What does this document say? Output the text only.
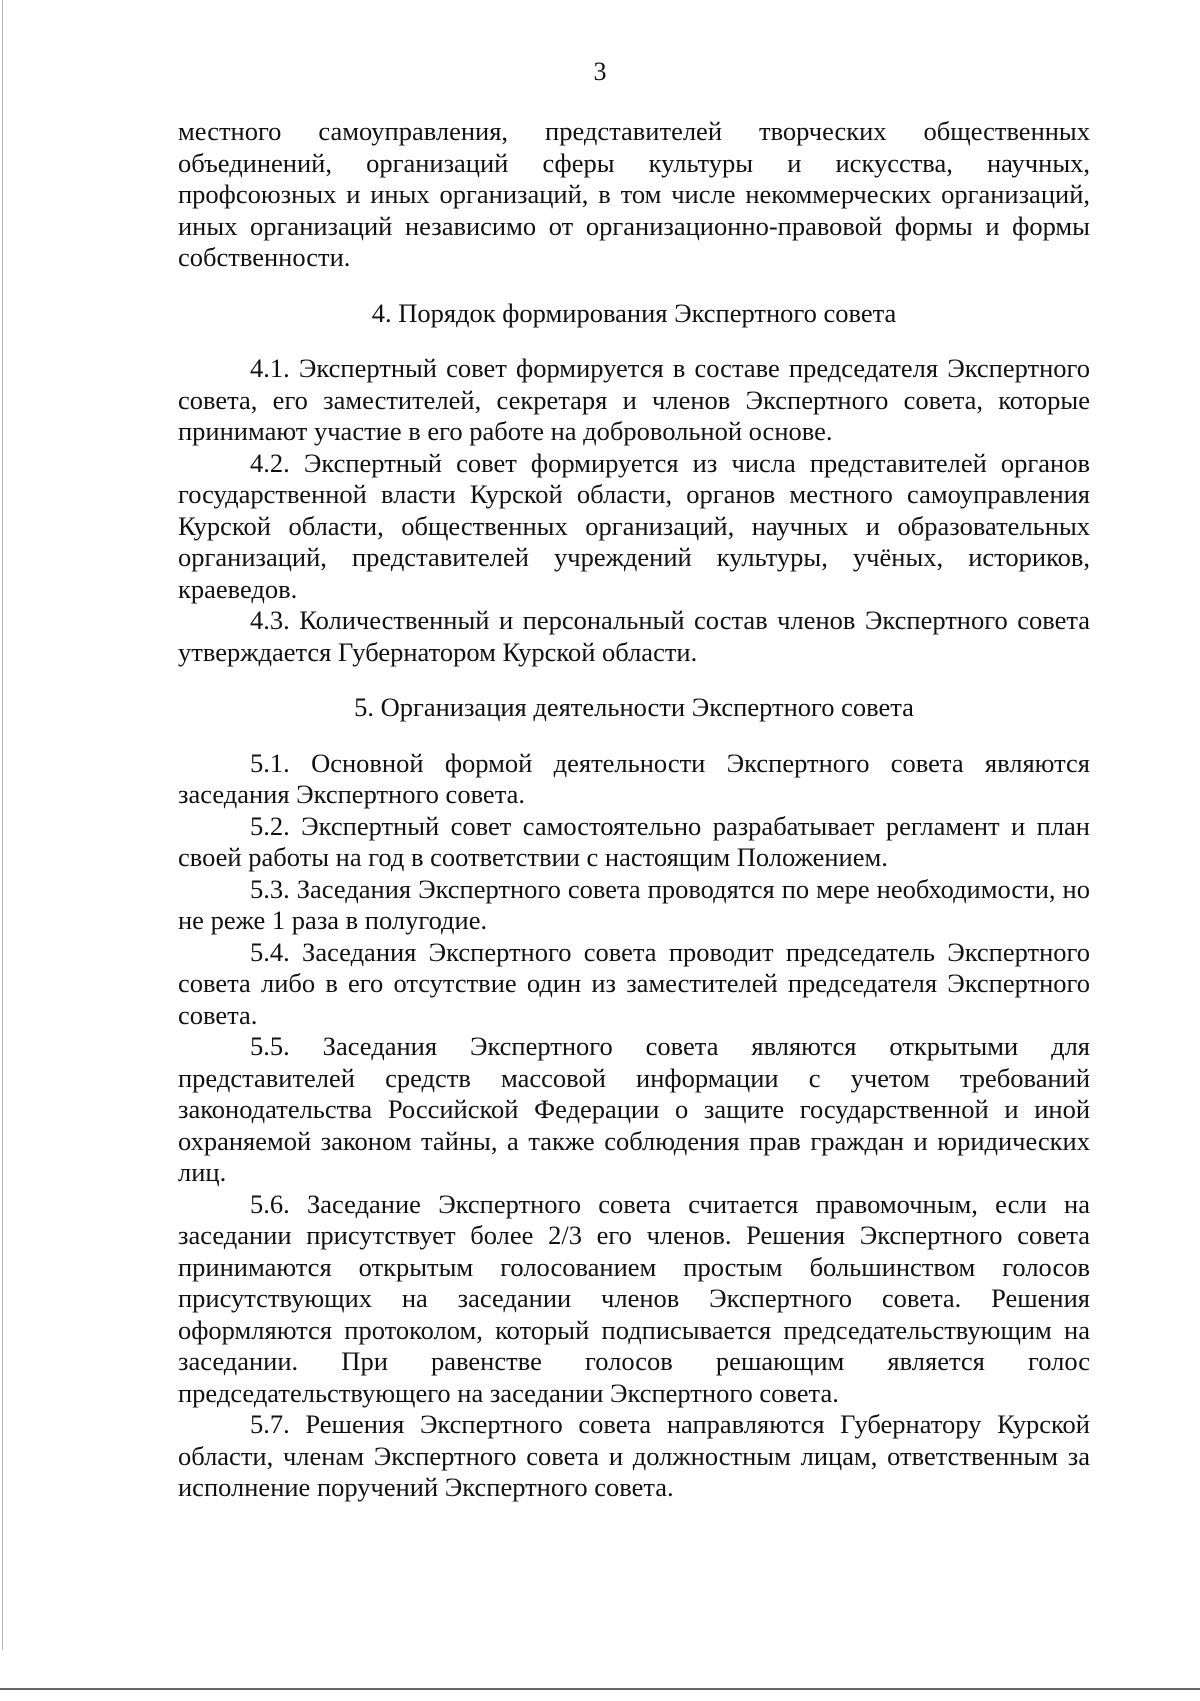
3

местного самоуправления, представителей творческих общественных объединений, организаций сферы культуры и искусства, научных, профсоюзных и иных организаций, в том числе некоммерческих организаций, иных организаций независимо от организационно-правовой формы и формы собственности.

4. Порядок формирования Экспертного совета

4.1. Экспертный совет формируется в составе председателя Экспертного совета, его заместителей, секретаря и членов Экспертного совета, которые принимают участие в его работе на добровольной основе.

4.2. Экспертный совет формируется из числа представителей органов государственной власти Курской области, органов местного самоуправления Курской области, общественных организаций, научных и образовательных организаций, представителей учреждений культуры, учёных, историков, краеведов.

4.3. Количественный и персональный состав членов Экспертного совета утверждается Губернатором Курской области.

5. Организация деятельности Экспертного совета

5.1. Основной формой деятельности Экспертного совета являются заседания Экспертного совета.

5.2. Экспертный совет самостоятельно разрабатывает регламент и план своей работы на год в соответствии с настоящим Положением.

5.3. Заседания Экспертного совета проводятся по мере необходимости, но не реже 1 раза в полугодие.

5.4. Заседания Экспертного совета проводит председатель Экспертного совета либо в его отсутствие один из заместителей председателя Экспертного совета.

5.5. Заседания Экспертного совета являются открытыми для представителей средств массовой информации с учетом требований законодательства Российской Федерации о защите государственной и иной охраняемой законом тайны, а также соблюдения прав граждан и юридических лиц.

5.6. Заседание Экспертного совета считается правомочным, если на заседании присутствует более 2/3 его членов. Решения Экспертного совета принимаются открытым голосованием простым большинством голосов присутствующих на заседании членов Экспертного совета. Решения оформляются протоколом, который подписывается председательствующим на заседании. При равенстве голосов решающим является голос председательствующего на заседании Экспертного совета.

5.7. Решения Экспертного совета направляются Губернатору Курской области, членам Экспертного совета и должностным лицам, ответственным за исполнение поручений Экспертного совета.
